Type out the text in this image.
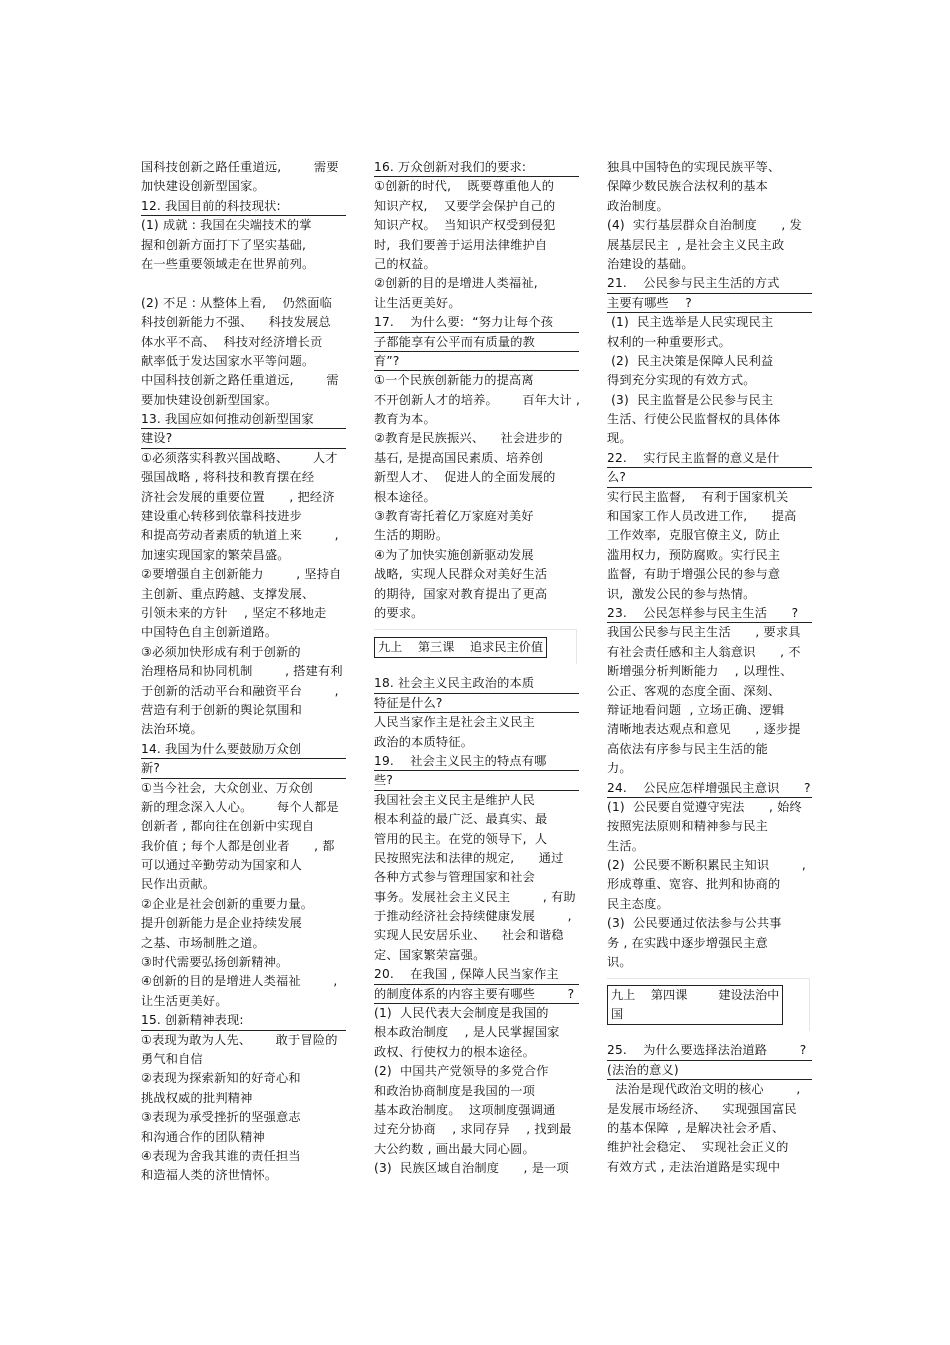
国科技创新之路任重道远,        需要
加快建设创新型国家。
12. 我国目前的科技现状:
(1) 成就 : 我国在尖端技术的掌
握和创新方面打下了坚实基础,
在一些重要领域走在世界前列。
(2) 不足 : 从整体上看,    仍然面临
科技创新能力不强、    科技发展总
体水平不高、  科技对经济增长贡
献率低于发达国家水平等问题。
中国科技创新之路任重道远,        需
要加快建设创新型国家。
13. 我国应如何推动创新型国家
建设?
①必须落实科教兴国战略、      人才
强国战略 , 将科技和教育摆在经
济社会发展的重要位置      , 把经济
建设重心转移到依靠科技进步
和提高劳动者素质的轨道上来        ,
加速实现国家的繁荣昌盛。
②要增强自主创新能力        , 坚持自
主创新、重点跨越、支撑发展、
引领未来的方针    , 坚定不移地走
中国特色自主创新道路。
③必须加快形成有利于创新的
治理格局和协同机制        , 搭建有利
于创新的活动平台和融资平台        ,
营造有利于创新的舆论氛围和
法治环境。
14. 我国为什么要鼓励万众创
新?
①当今社会,  大众创业、万众创
新的理念深入人心。      每个人都是
创新者 , 都向往在创新中实现自
我价值 ; 每个人都是创业者      , 都
可以通过辛勤劳动为国家和人
民作出贡献。
②企业是社会创新的重要力量。
提升创新能力是企业持续发展
之基、市场制胜之道。
③时代需要弘扬创新精神。
④创新的目的是增进人类福祉        ,
让生活更美好。
15. 创新精神表现:
①表现为敢为人先、      敢于冒险的
勇气和自信
②表现为探索新知的好奇心和
挑战权威的批判精神
③表现为承受挫折的坚强意志
和沟通合作的团队精神
④表现为舍我其谁的责任担当
和造福人类的济世情怀。
16. 万众创新对我们的要求:
①创新的时代,    既要尊重他人的
知识产权,    又要学会保护自己的
知识产权。  当知识产权受到侵犯
时,  我们要善于运用法律维护自
己的权益。
②创新的目的是增进人类福祉,
让生活更美好。
17.    为什么要:  “努力让每个孩
子都能享有公平而有质量的教
育”?
①一个民族创新能力的提高离
不开创新人才的培养。      百年大计 ,
教育为本。
②教育是民族振兴、    社会进步的
基石, 是提高国民素质、培养创
新型人才、  促进人的全面发展的
根本途径。
③教育寄托着亿万家庭对美好
生活的期盼。
④为了加快实施创新驱动发展
战略,  实现人民群众对美好生活
的期待,  国家对教育提出了更高
的要求。
九上    第三课    追求民主价值
18. 社会主义民主政治的本质
特征是什么?
人民当家作主是社会主义民主
政治的本质特征。
19.    社会主义民主的特点有哪
些?
我国社会主义民主是维护人民
根本利益的最广泛、最真实、最
管用的民主。在党的领导下,  人
民按照宪法和法律的规定,      通过
各种方式参与管理国家和社会
事务。发展社会主义民主        , 有助
于推动经济社会持续健康发展        ,
实现人民安居乐业、    社会和谐稳
定、国家繁荣富强。
20.    在我国 , 保障人民当家作主
的制度体系的内容主要有哪些        ?
(1)  人民代表大会制度是我国的
根本政治制度    , 是人民掌握国家
政权、行使权力的根本途径。
(2)  中国共产党领导的多党合作
和政治协商制度是我国的一项
基本政治制度。  这项制度强调通
过充分协商    , 求同存异    , 找到最
大公约数 , 画出最大同心圆。
(3)  民族区域自治制度      , 是一项
独具中国特色的实现民族平等、
保障少数民族合法权利的基本
政治制度。
(4)  实行基层群众自治制度      , 发
展基层民主  , 是社会主义民主政
治建设的基础。
21.    公民参与民主生活的方式
主要有哪些    ?
(1)  民主选举是人民实现民主
权利的一种重要形式。
(2)  民主决策是保障人民利益
得到充分实现的有效方式。
(3)  民主监督是公民参与民主
生活、行使公民监督权的具体体
现。
22.    实行民主监督的意义是什
么?
实行民主监督,    有利于国家机关
和国家工作人员改进工作,      提高
工作效率,  克服官僚主义,  防止
滥用权力,  预防腐败。实行民主
监督,  有助于增强公民的参与意
识,  激发公民的参与热情。
23.    公民怎样参与民主生活      ?
我国公民参与民主生活      , 要求具
有社会责任感和主人翁意识      , 不
断增强分析判断能力    , 以理性、
公正、客观的态度全面、深刻、
辩证地看问题  , 立场正确、逻辑
清晰地表达观点和意见      , 逐步提
高依法有序参与民主生活的能
力。
24.    公民应怎样增强民主意识      ?
(1)  公民要自觉遵守宪法      , 始终
按照宪法原则和精神参与民主
生活。
(2)  公民要不断积累民主知识        ,
形成尊重、宽容、批判和协商的
民主态度。
(3)  公民要通过依法参与公共事
务 , 在实践中逐步增强民主意
识。
九上    第四课        建设法治中
国
25.    为什么要选择法治道路        ?
(法治的意义)
法治是现代政治文明的核心        ,
是发展市场经济、    实现强国富民
的基本保障  , 是解决社会矛盾、
维护社会稳定、  实现社会正义的
有效方式 , 走法治道路是实现中
